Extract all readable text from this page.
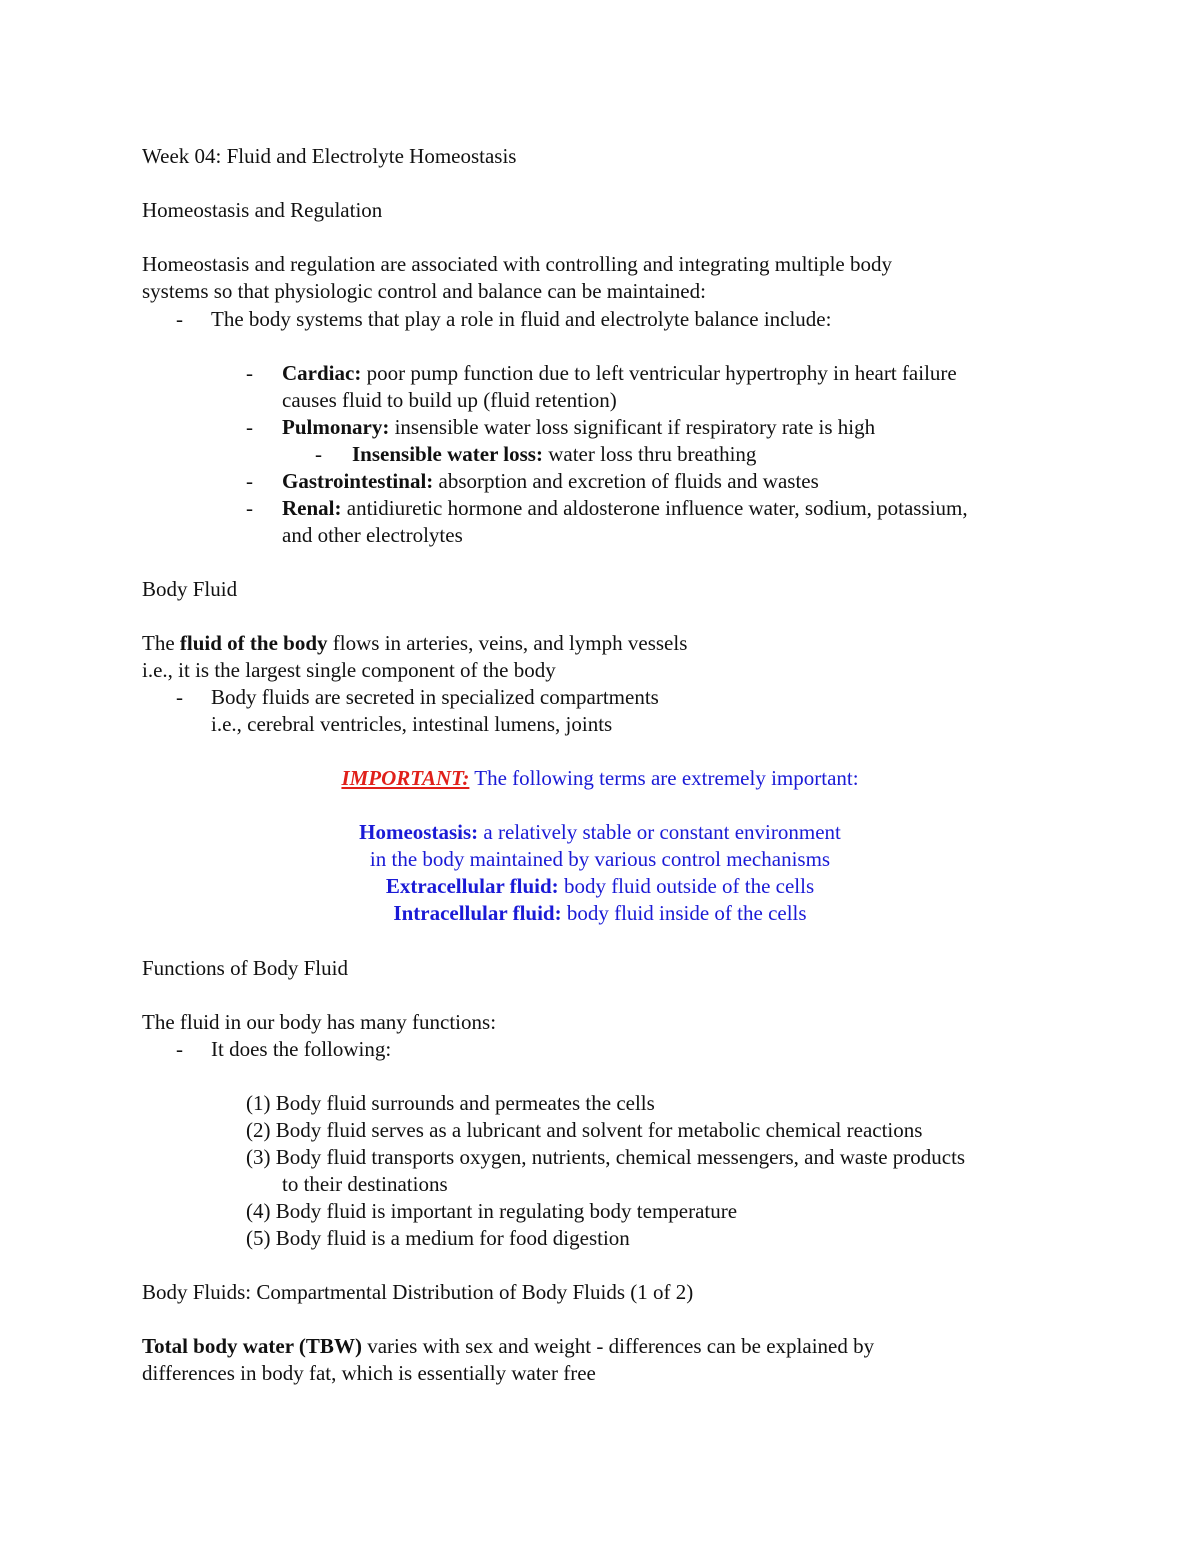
Week 04: Fluid and Electrolyte Homeostasis
Homeostasis and Regulation
Homeostasis and regulation are associated with controlling and integrating multiple body
systems so that physiologic control and balance can be maintained:
- The body systems that play a role in fluid and electrolyte balance include:
- Cardiac: poor pump function due to left ventricular hypertrophy in heart failure
causes fluid to build up (fluid retention)
- Pulmonary: insensible water loss significant if respiratory rate is high
- Insensible water loss: water loss thru breathing
- Gastrointestinal: absorption and excretion of fluids and wastes
- Renal: antidiuretic hormone and aldosterone influence water, sodium, potassium,
and other electrolytes
Body Fluid
The fluid of the body flows in arteries, veins, and lymph vessels
i.e., it is the largest single component of the body
- Body fluids are secreted in specialized compartments
i.e., cerebral ventricles, intestinal lumens, joints
IMPORTANT: The following terms are extremely important:
Homeostasis: a relatively stable or constant environment
in the body maintained by various control mechanisms
Extracellular fluid: body fluid outside of the cells
Intracellular fluid: body fluid inside of the cells
Functions of Body Fluid
The fluid in our body has many functions:
- It does the following:
(1) Body fluid surrounds and permeates the cells
(2) Body fluid serves as a lubricant and solvent for metabolic chemical reactions
(3) Body fluid transports oxygen, nutrients, chemical messengers, and waste products
to their destinations
(4) Body fluid is important in regulating body temperature
(5) Body fluid is a medium for food digestion
Body Fluids: Compartmental Distribution of Body Fluids (1 of 2)
Total body water (TBW) varies with sex and weight - differences can be explained by
differences in body fat, which is essentially water free
